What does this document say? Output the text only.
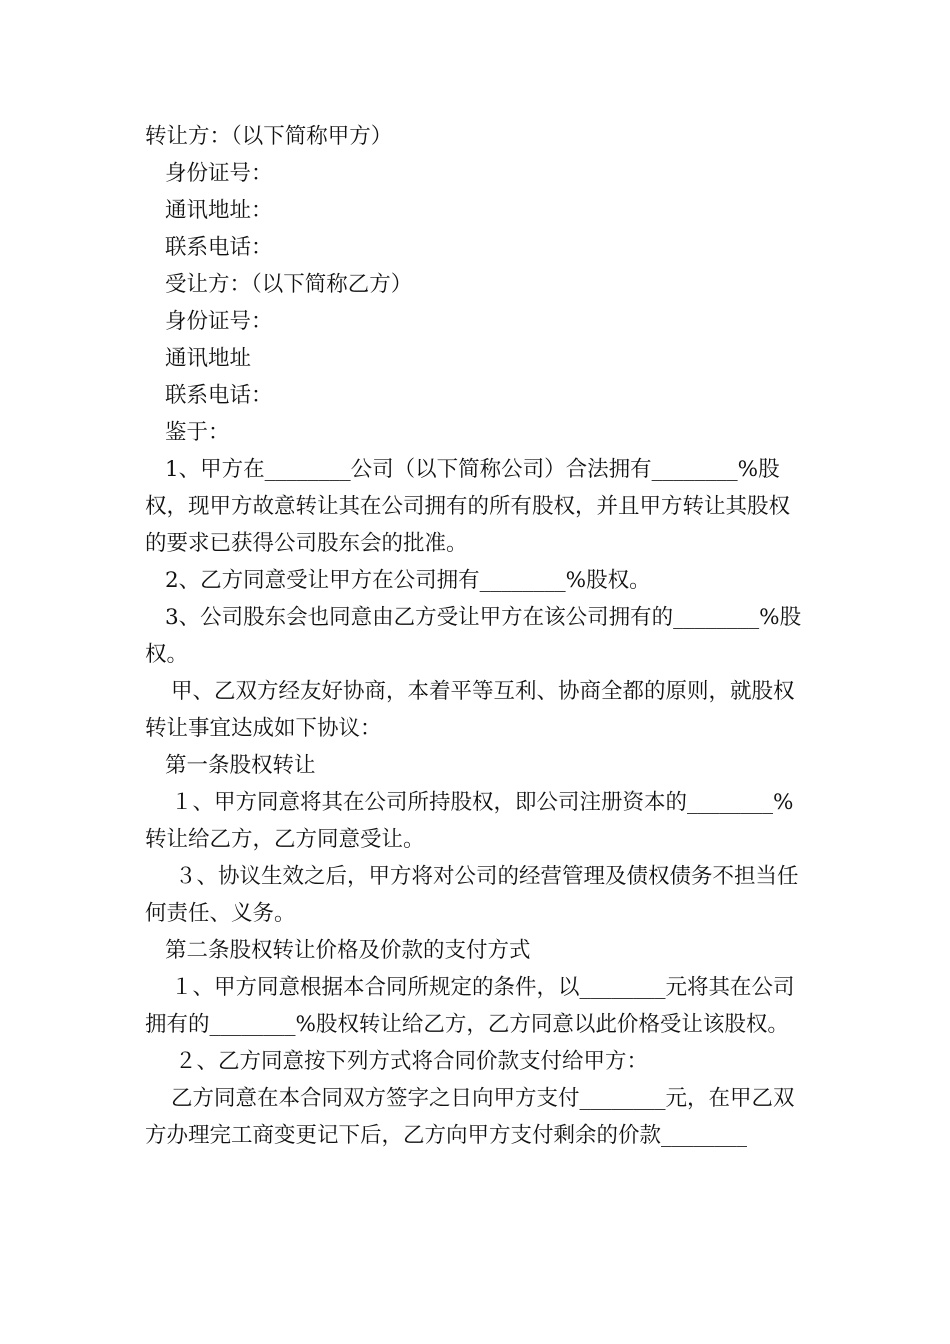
转让方：（以下简称甲方）

身份证号：

通讯地址：

联系电话：

受让方：（以下简称乙方）

身份证号：

通讯地址

联系电话：

鉴于：

1、甲方在________公司（以下简称公司）合法拥有________%股权，现甲方故意转让其在公司拥有的所有股权，并且甲方转让其股权的要求已获得公司股东会的批准。

2、乙方同意受让甲方在公司拥有________%股权。

3、公司股东会也同意由乙方受让甲方在该公司拥有的________%股权。

甲、乙双方经友好协商，本着平等互利、协商全都的原则，就股权转让事宜达成如下协议：

第一条股权转让

１、甲方同意将其在公司所持股权，即公司注册资本的________%转让给乙方，乙方同意受让。

３、协议生效之后，甲方将对公司的经营管理及债权债务不担当任何责任、义务。

第二条股权转让价格及价款的支付方式

１、甲方同意根据本合同所规定的条件，以________元将其在公司拥有的________%股权转让给乙方，乙方同意以此价格受让该股权。

２、乙方同意按下列方式将合同价款支付给甲方：

乙方同意在本合同双方签字之日向甲方支付________元，在甲乙双方办理完工商变更记下后，乙方向甲方支付剩余的价款________
